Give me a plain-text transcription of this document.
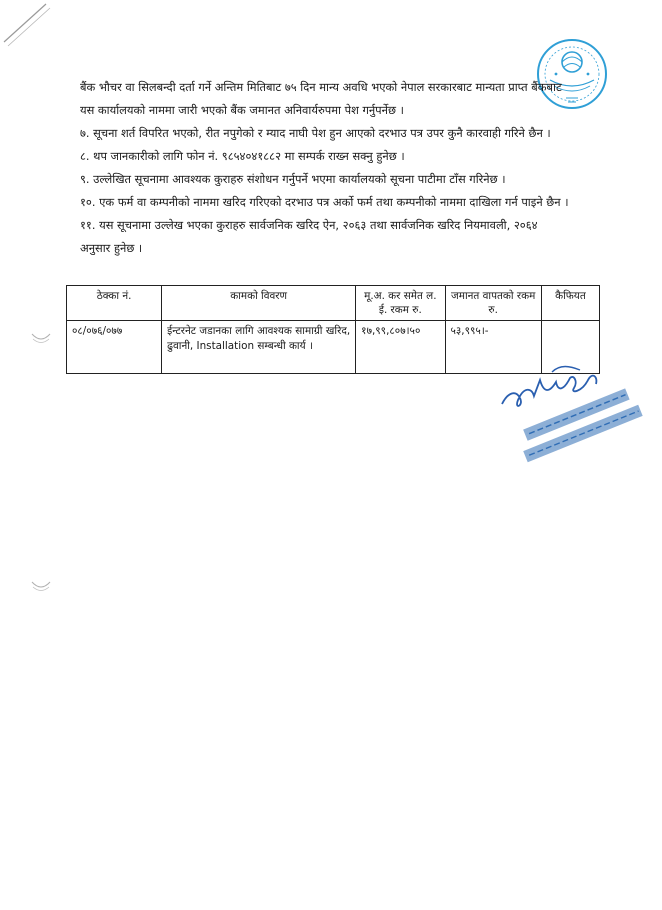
बैंक भौचर वा सिलबन्दी दर्ता गर्ने अन्तिम मितिबाट ७५ दिन मान्य अवधि भएको नेपाल सरकारबाट मान्यता प्राप्त बैंकबाट यस कार्यालयको नाममा जारी भएको बैंक जमानत अनिवार्यरुपमा पेश गर्नुपर्नेछ ।

७. सूचना शर्त विपरित भएको, रीत नपुगेको र म्याद नाघी पेश हुन आएको दरभाउ पत्र उपर कुनै कारवाही गरिने छैन ।

८. थप जानकारीको लागि फोन नं. ९८५४०४१८८२ मा सम्पर्क राख्न सक्नु हुनेछ ।

९. उल्लेखित सूचनामा आवश्यक कुराहरु संशोधन गर्नुपर्ने भएमा कार्यालयको सूचना पाटीमा टाँस गरिनेछ ।

१०. एक फर्म वा कम्पनीको नाममा खरिद गरिएको दरभाउ पत्र अर्को फर्म तथा कम्पनीको नाममा दाखिला गर्न पाइने छैन ।

११. यस सूचनामा उल्लेख भएका कुराहरु सार्वजनिक खरिद ऐन, २०६३ तथा सार्वजनिक खरिद नियमावली, २०६४ अनुसार हुनेछ ।

ठेक्का नं.	कामको विवरण	मू.अ. कर समेत ल. ई. रकम रु.	जमानत वापतको रकम रु.	कैफियत
०८/०७६/०७७	ईन्टरनेट जडानका लागि आवश्यक सामाग्री खरिद, ढुवानी, Installation सम्बन्धी कार्य ।	१७,९९,८०७।५०	५३,९९५।-	
